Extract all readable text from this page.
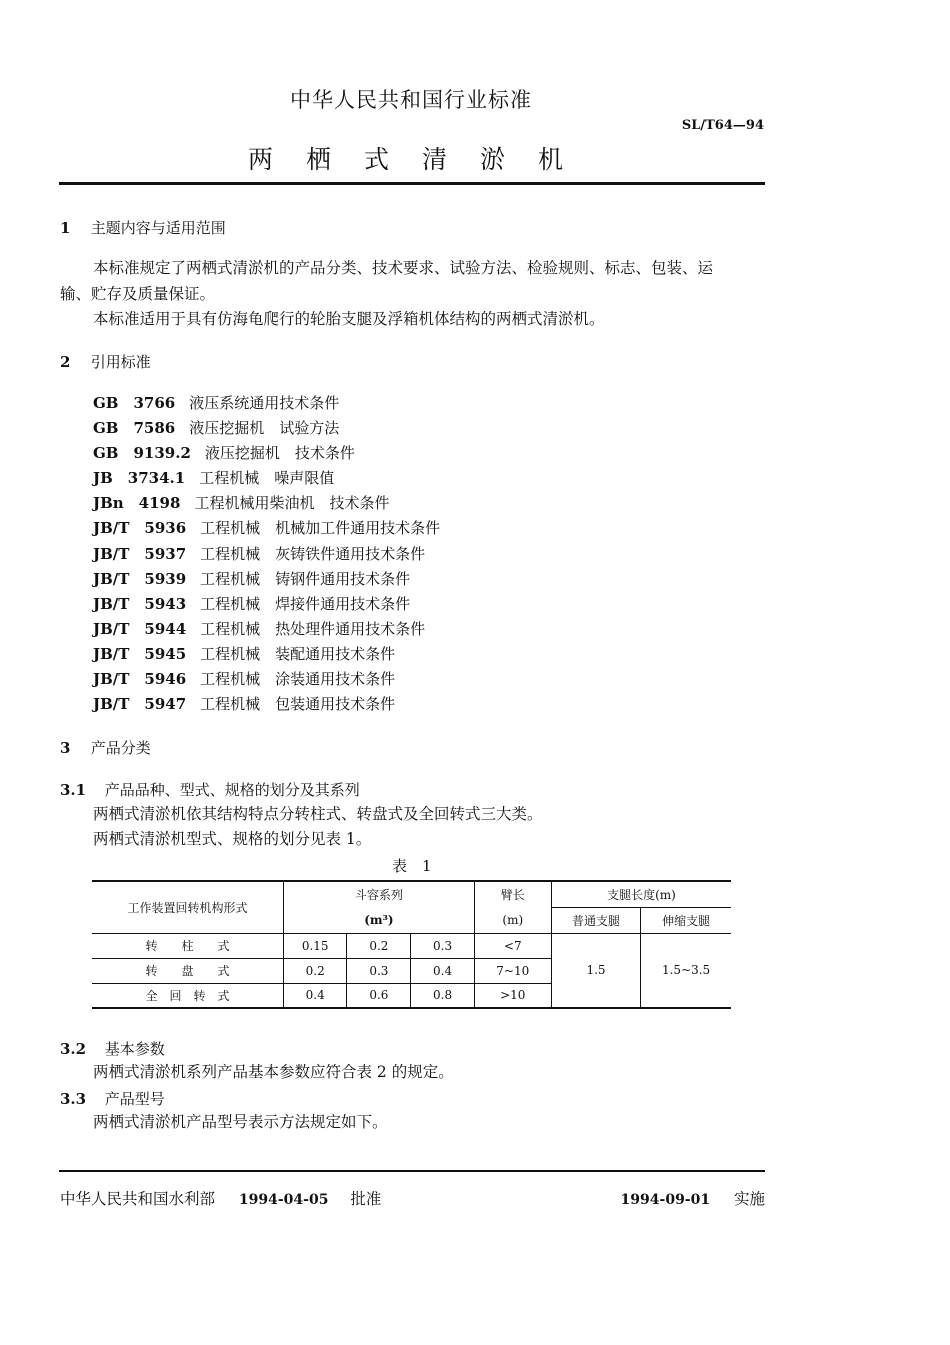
中华人民共和国行业标准
SL/T64—94
两栖式清淤机
1 主题内容与适用范围
本标准规定了两栖式清淤机的产品分类、技术要求、试验方法、检验规则、标志、包装、运
输、贮存及质量保证。
本标准适用于具有仿海龟爬行的轮胎支腿及浮箱机体结构的两栖式清淤机。
2 引用标准
GB　3766 液压系统通用技术条件
GB　7586 液压挖掘机　试验方法
GB　9139.2 液压挖掘机　技术条件
JB　3734.1 工程机械　噪声限值
JBn　4198 工程机械用柴油机　技术条件
JB/T　5936 工程机械　机械加工件通用技术条件
JB/T　5937 工程机械　灰铸铁件通用技术条件
JB/T　5939 工程机械　铸钢件通用技术条件
JB/T　5943 工程机械　焊接件通用技术条件
JB/T　5944 工程机械　热处理件通用技术条件
JB/T　5945 工程机械　装配通用技术条件
JB/T　5946 工程机械　涂装通用技术条件
JB/T　5947 工程机械　包装通用技术条件
3 产品分类
3.1 产品品种、型式、规格的划分及其系列
两栖式清淤机依其结构特点分转柱式、转盘式及全回转式三大类。
两栖式清淤机型式、规格的划分见表 1。
表　1
工作装置回转机构形式	斗容系列			臂长	支腿长度(m)	
	(m³)			(m)	普通支腿	伸缩支腿
转　　柱　　式	0.15	0.2	0.3	<7	1.5	1.5~3.5
转　　盘　　式	0.2	0.3	0.4	7~10		
全　回　转　式	0.4	0.6	0.8	>10		
3.2 基本参数
两栖式清淤机系列产品基本参数应符合表 2 的规定。
3.3 产品型号
两栖式清淤机产品型号表示方法规定如下。
中华人民共和国水利部 1994-04-05 批准	1994-09-01 实施
